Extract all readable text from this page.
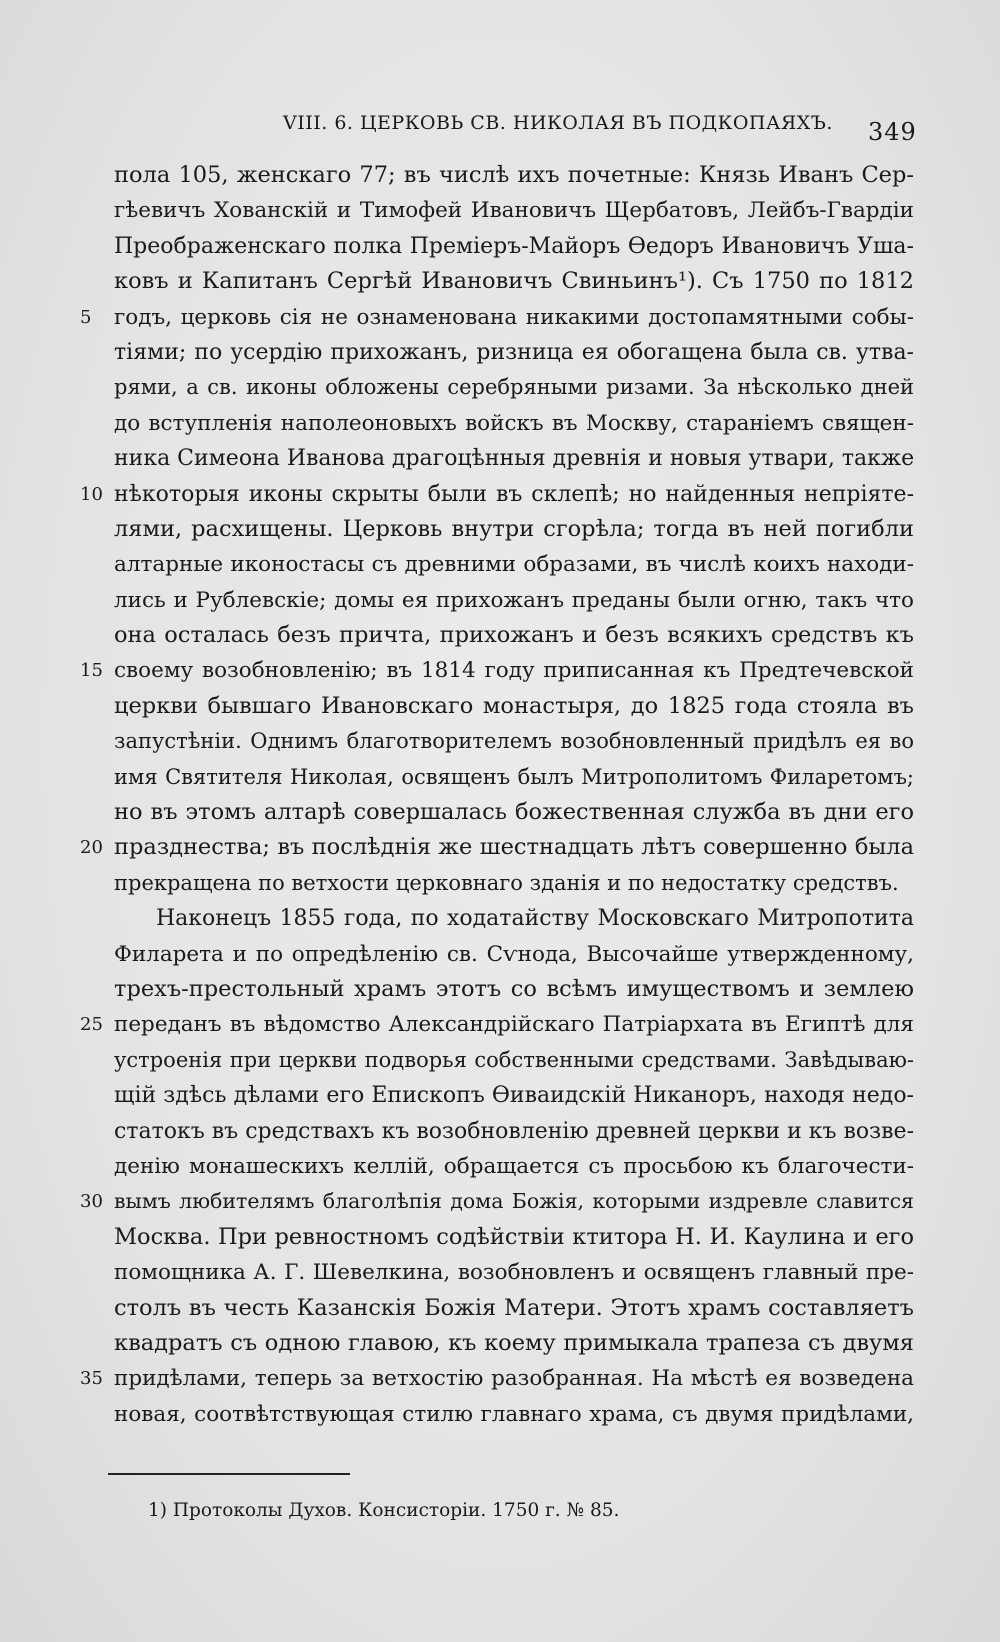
VIII. 6. ЦЕРКОВЬ СВ. НИКОЛАЯ ВЪ ПОДКОПАЯХЪ. 349
пола 105, женскаго 77; въ числѣ ихъ почетные: Князь Иванъ Сер-
гѣевичъ Хованскій и Тимофей Ивановичъ Щербатовъ, Лейбъ-Гвардіи
Преображенскаго полка Преміеръ-Майоръ Ѳедоръ Ивановичъ Уша-
ковъ и Капитанъ Сергѣй Ивановичъ Свиньинъ¹). Съ 1750 по 1812
5	годъ, церковь сія не ознаменована никакими достопамятными собы-
тіями; по усердію прихожанъ, ризница ея обогащена была св. утва-
рями, а св. иконы обложены серебряными ризами. За нѣсколько дней
до вступленія наполеоновыхъ войскъ въ Москву, стараніемъ священ-
ника Симеона Иванова драгоцѣнныя древнія и новыя утвари, также
10 нѣкоторыя иконы скрыты были въ склепѣ; но найденныя непріяте-
лями, расхищены. Церковь внутри сгорѣла; тогда въ ней погибли
алтарные иконостасы съ древними образами, въ числѣ коихъ находи-
лись и Рублевскіе; домы ея прихожанъ преданы были огню, такъ что
она осталась безъ причта, прихожанъ и безъ всякихъ средствъ къ
15 своему возобновленію; въ 1814 году приписанная къ Предтечевской
церкви бывшаго Ивановскаго монастыря, до 1825 года стояла въ
запустѣніи. Однимъ благотворителемъ возобновленный придѣлъ ея во
имя Святителя Николая, освященъ былъ Митрополитомъ Филаретомъ;
но въ этомъ алтарѣ совершалась божественная служба въ дни его
20 празднества; въ послѣднія же шестнадцать лѣтъ совершенно была
прекращена по ветхости церковнаго зданія и по недостатку средствъ.
Наконецъ 1855 года, по ходатайству Московскаго Митропотита
Филарета и по опредѣленію св. Сѵнода, Высочайше утвержденному,
трехъ-престольный храмъ этотъ со всѣмъ имуществомъ и землею
25 переданъ въ вѣдомство Александрійскаго Патріархата въ Египтѣ для
устроенія при церкви подворья собственными средствами. Завѣдываю-
щій здѣсь дѣлами его Епископъ Ѳиваидскій Никаноръ, находя недо-
статокъ въ средствахъ къ возобновленію древней церкви и къ возве-
денію монашескихъ келлій, обращается съ просьбою къ благочести-
30 вымъ любителямъ благолѣпія дома Божія, которыми издревле славится
Москва. При ревностномъ содѣйствіи ктитора Н. И. Каулина и его
помощника А. Г. Шевелкина, возобновленъ и освященъ главный пре-
столъ въ честь Казанскія Божія Матери. Этотъ храмъ составляетъ
квадратъ съ одною главою, къ коему примыкала трапеза съ двумя
35 придѣлами, теперь за ветхостію разобранная. На мѣстѣ ея возведена
новая, соотвѣтствующая стилю главнаго храма, съ двумя придѣлами,
1) Протоколы Духов. Консисторіи. 1750 г. № 85.
